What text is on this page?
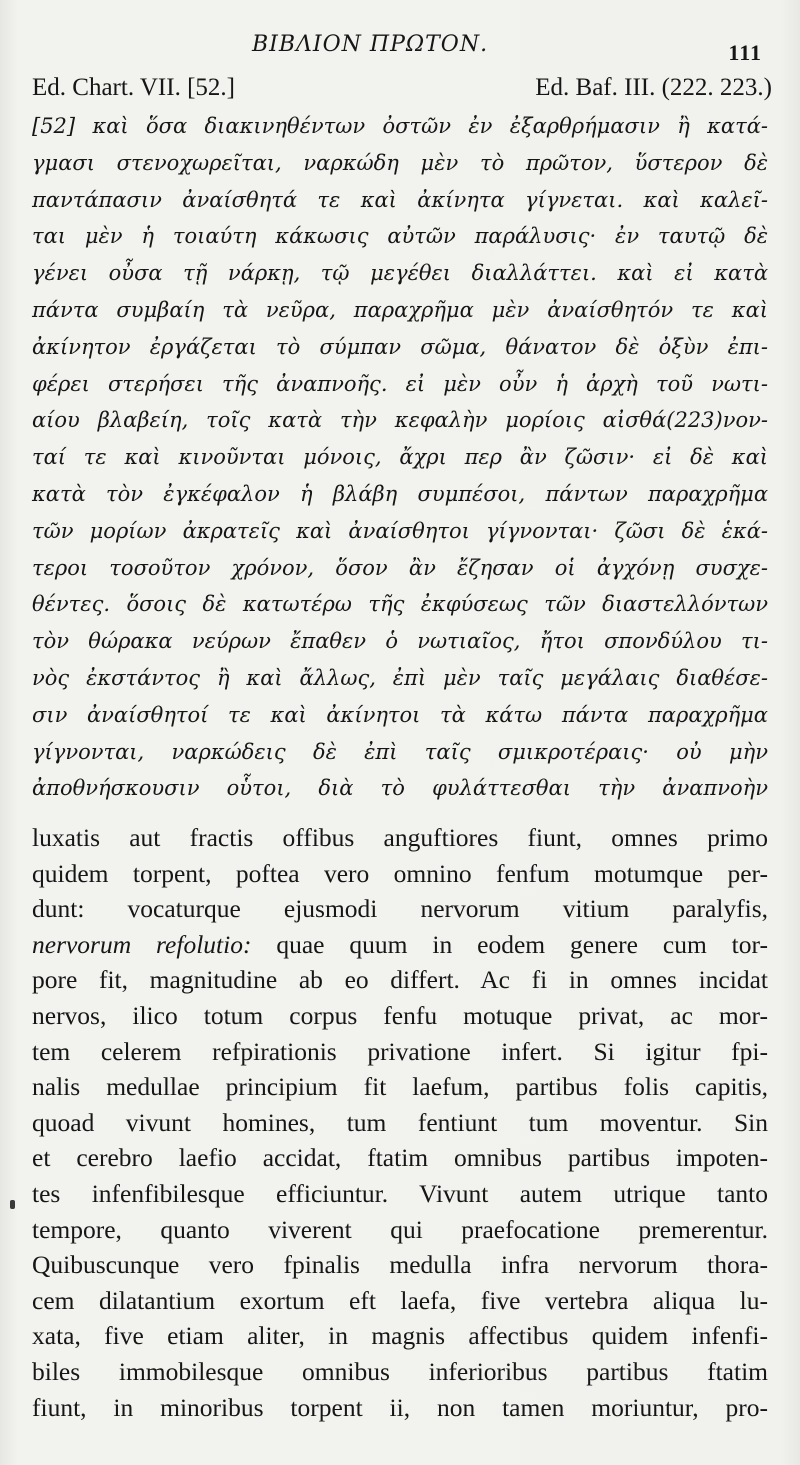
ΒΙΒΛΙΟΝ ΠΡΩΤΟΝ.	111
Ed. Chart. VII. [52.]	Ed. Baf. III. (222. 223.)
[52] καὶ ὅσα διακινηθέντων ὀστῶν ἐν ἐξαρθρήμασιν ἢ κατά-
γμασι στενοχωρεῖται, ναρκώδη μὲν τὸ πρῶτον, ὕστερον δὲ
παντάπασιν ἀναίσθητά τε καὶ ἀκίνητα γίγνεται. καὶ καλεῖ-
ται μὲν ἡ τοιαύτη κάκωσις αὐτῶν παράλυσις· ἐν ταυτῷ δὲ
γένει οὖσα τῇ νάρκῃ, τῷ μεγέθει διαλλάττει. καὶ εἰ κατὰ
πάντα συμβαίη τὰ νεῦρα, παραχρῆμα μὲν ἀναίσθητόν τε καὶ
ἀκίνητον ἐργάζεται τὸ σύμπαν σῶμα, θάνατον δὲ ὀξὺν ἐπι-
φέρει στερήσει τῆς ἀναπνοῆς. εἰ μὲν οὖν ἡ ἀρχὴ τοῦ νωτι-
αίου βλαβείη, τοῖς κατὰ τὴν κεφαλὴν μορίοις αἰσθά(223)νον-
ταί τε καὶ κινοῦνται μόνοις, ἄχρι περ ἂν ζῶσιν· εἰ δὲ καὶ
κατὰ τὸν ἐγκέφαλον ἡ βλάβη συμπέσοι, πάντων παραχρῆμα
τῶν μορίων ἀκρατεῖς καὶ ἀναίσθητοι γίγνονται· ζῶσι δὲ ἑκά-
τεροι τοσοῦτον χρόνον, ὅσον ἂν ἔζησαν οἱ ἀγχόνῃ συσχε-
θέντες. ὅσοις δὲ κατωτέρω τῆς ἐκφύσεως τῶν διαστελλόντων
τὸν θώρακα νεύρων ἔπαθεν ὁ νωτιαῖος, ἤτοι σπονδύλου τι-
νὸς ἐκστάντος ἢ καὶ ἄλλως, ἐπὶ μὲν ταῖς μεγάλαις διαθέσε-
σιν ἀναίσθητοί τε καὶ ἀκίνητοι τὰ κάτω πάντα παραχρῆμα
γίγνονται, ναρκώδεις δὲ ἐπὶ ταῖς σμικροτέραις· οὐ μὴν
ἀποθνήσκουσιν οὗτοι, διὰ τὸ φυλάττεσθαι τὴν ἀναπνοὴν
luxatis aut fractis offibus anguftiores fiunt, omnes primo
quidem torpent, poftea vero omnino fenfum motumque per-
dunt: vocaturque ejusmodi nervorum vitium paralyfis,
nervorum refolutio: quae quum in eodem genere cum tor-
pore fit, magnitudine ab eo differt. Ac fi in omnes incidat
nervos, ilico totum corpus fenfu motuque privat, ac mor-
tem celerem refpirationis privatione infert. Si igitur fpi-
nalis medullae principium fit laefum, partibus folis capitis,
quoad vivunt homines, tum fentiunt tum moventur. Sin
et cerebro laefio accidat, ftatim omnibus partibus impoten-
tes infenfibilesque efficiuntur. Vivunt autem utrique tanto
tempore, quanto viverent qui praefocatione premerentur.
Quibuscunque vero fpinalis medulla infra nervorum thora-
cem dilatantium exortum eft laefa, five vertebra aliqua lu-
xata, five etiam aliter, in magnis affectibus quidem infenfi-
biles immobilesque omnibus inferioribus partibus ftatim
fiunt, in minoribus torpent ii, non tamen moriuntur, pro-
